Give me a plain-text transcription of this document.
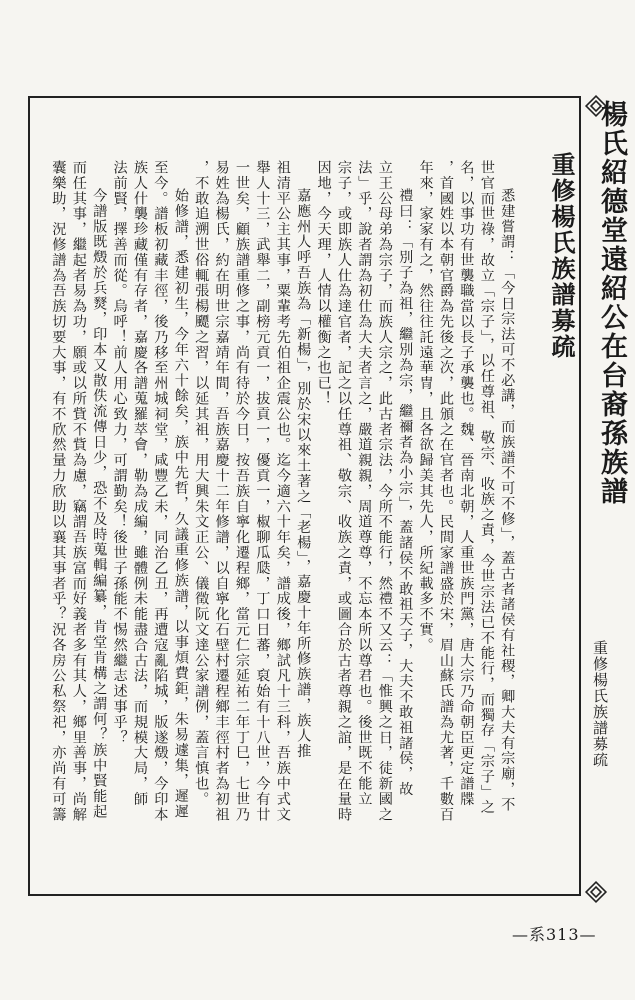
楊氏紹德堂遠紹公在台裔孫族譜
重修楊氏族譜募疏
悉建嘗謂：「今日宗法可不必講，而族譜不可不修」，蓋古者諸侯有社稷，卿大夫有宗廟，不
世官而世祿，故立「宗子」，以任尊祖、敬宗、收族之責，今世宗法已不能行，而獨存「宗子」之
名，以事功有世襲職當以長子承襲也。魏、晉南北朝，人重世族門黨，唐大宗乃命朝臣更定譜牒
，首國姓以本朝官爵為先後之次，此頒之在官者也。民間家譜盛於宋，眉山蘇氏譜為尤著，千數百
年來，家家有之，然往往託遠華冑，且各欲歸美其先人，所紀載多不實。
禮曰：「別子為祖，繼別為宗，繼禰者為小宗」，蓋諸侯不敢祖天子，大夫不敢祖諸侯，故
立王公母弟為宗子，而族人宗之，此古者宗法，今所不能行，然禮不又云：「惟興之日，徒新國之
法」乎，說者謂為初仕為大夫者言之，嚴道親親，周道尊尊，不忘本所以尊君也。後世既不能立
宗子，或即族人仕為達官者，記之以任尊祖、敬宗、收族之責，或圖合於古者尊親之誼，是在量時
因地，今天理，人情以權衡之也已！
嘉應州人呼吾族為「新楊」，別於宋以來土著之「老楊」，嘉慶十年所修族譜，族人推
祖清平公主其事，粟輩考先伯祖企震公也。迄今適六十年矣，譜成後，鄉試凡十三科，吾族中式文
舉人十三，武舉二，副榜元貢一，拔貢一，優貢一，椒聊瓜瓞，丁口日蕃，裒始有十八世，今有廿
一世矣，顧族譜重修之事，尚有待於今日，按吾族自寧化遷程鄉，當元仁宗延祐二年丁巳，七世乃
易姓為楊氏，約在明世宗嘉靖年間，吾族嘉慶十二年修譜，以自寧化石壁村遷程鄉丰徑村者為初祖
，不敢追溯世俗輒張楊飃之習，以延其祖，用大興朱文正公、儀徵阮文達公家譜例，蓋言慎也。
始修譜，悉建初生，今年六十餘矣，族中先哲，久議重修族譜，以事煩費鉅，朱易遽集，遲遲
至今。譜板初藏丰徑，後乃移至州城祠堂，咸豐乙未，同治乙丑，再遭寇亂陷城，版遂燬，今印本
族人什襲珍藏僅有存者，嘉慶各譜蒐羅萃會，勒為成編，雖體例未能盡合古法，而規模大局，師
法前賢，擇善而從。烏呼！前人用心致力，可謂勤矣！後世子孫能不惕然繼志述事乎？
今譜版既燬於兵燹，印本又散佚流傳日少，恐不及時蒐輯編纂，肯堂肯構之謂何？族中賢能起
而任其事，繼起者易為功，願或以所貲不貲為慮，竊謂吾族富而好義者多有其人，鄉里善事，尚解
囊樂助，況修譜為吾族切要大事，有不欣然量力欣助以襄其事者乎？況各房公私祭祀，亦尚有可籌	重修楊氏族譜募疏
—系313—
